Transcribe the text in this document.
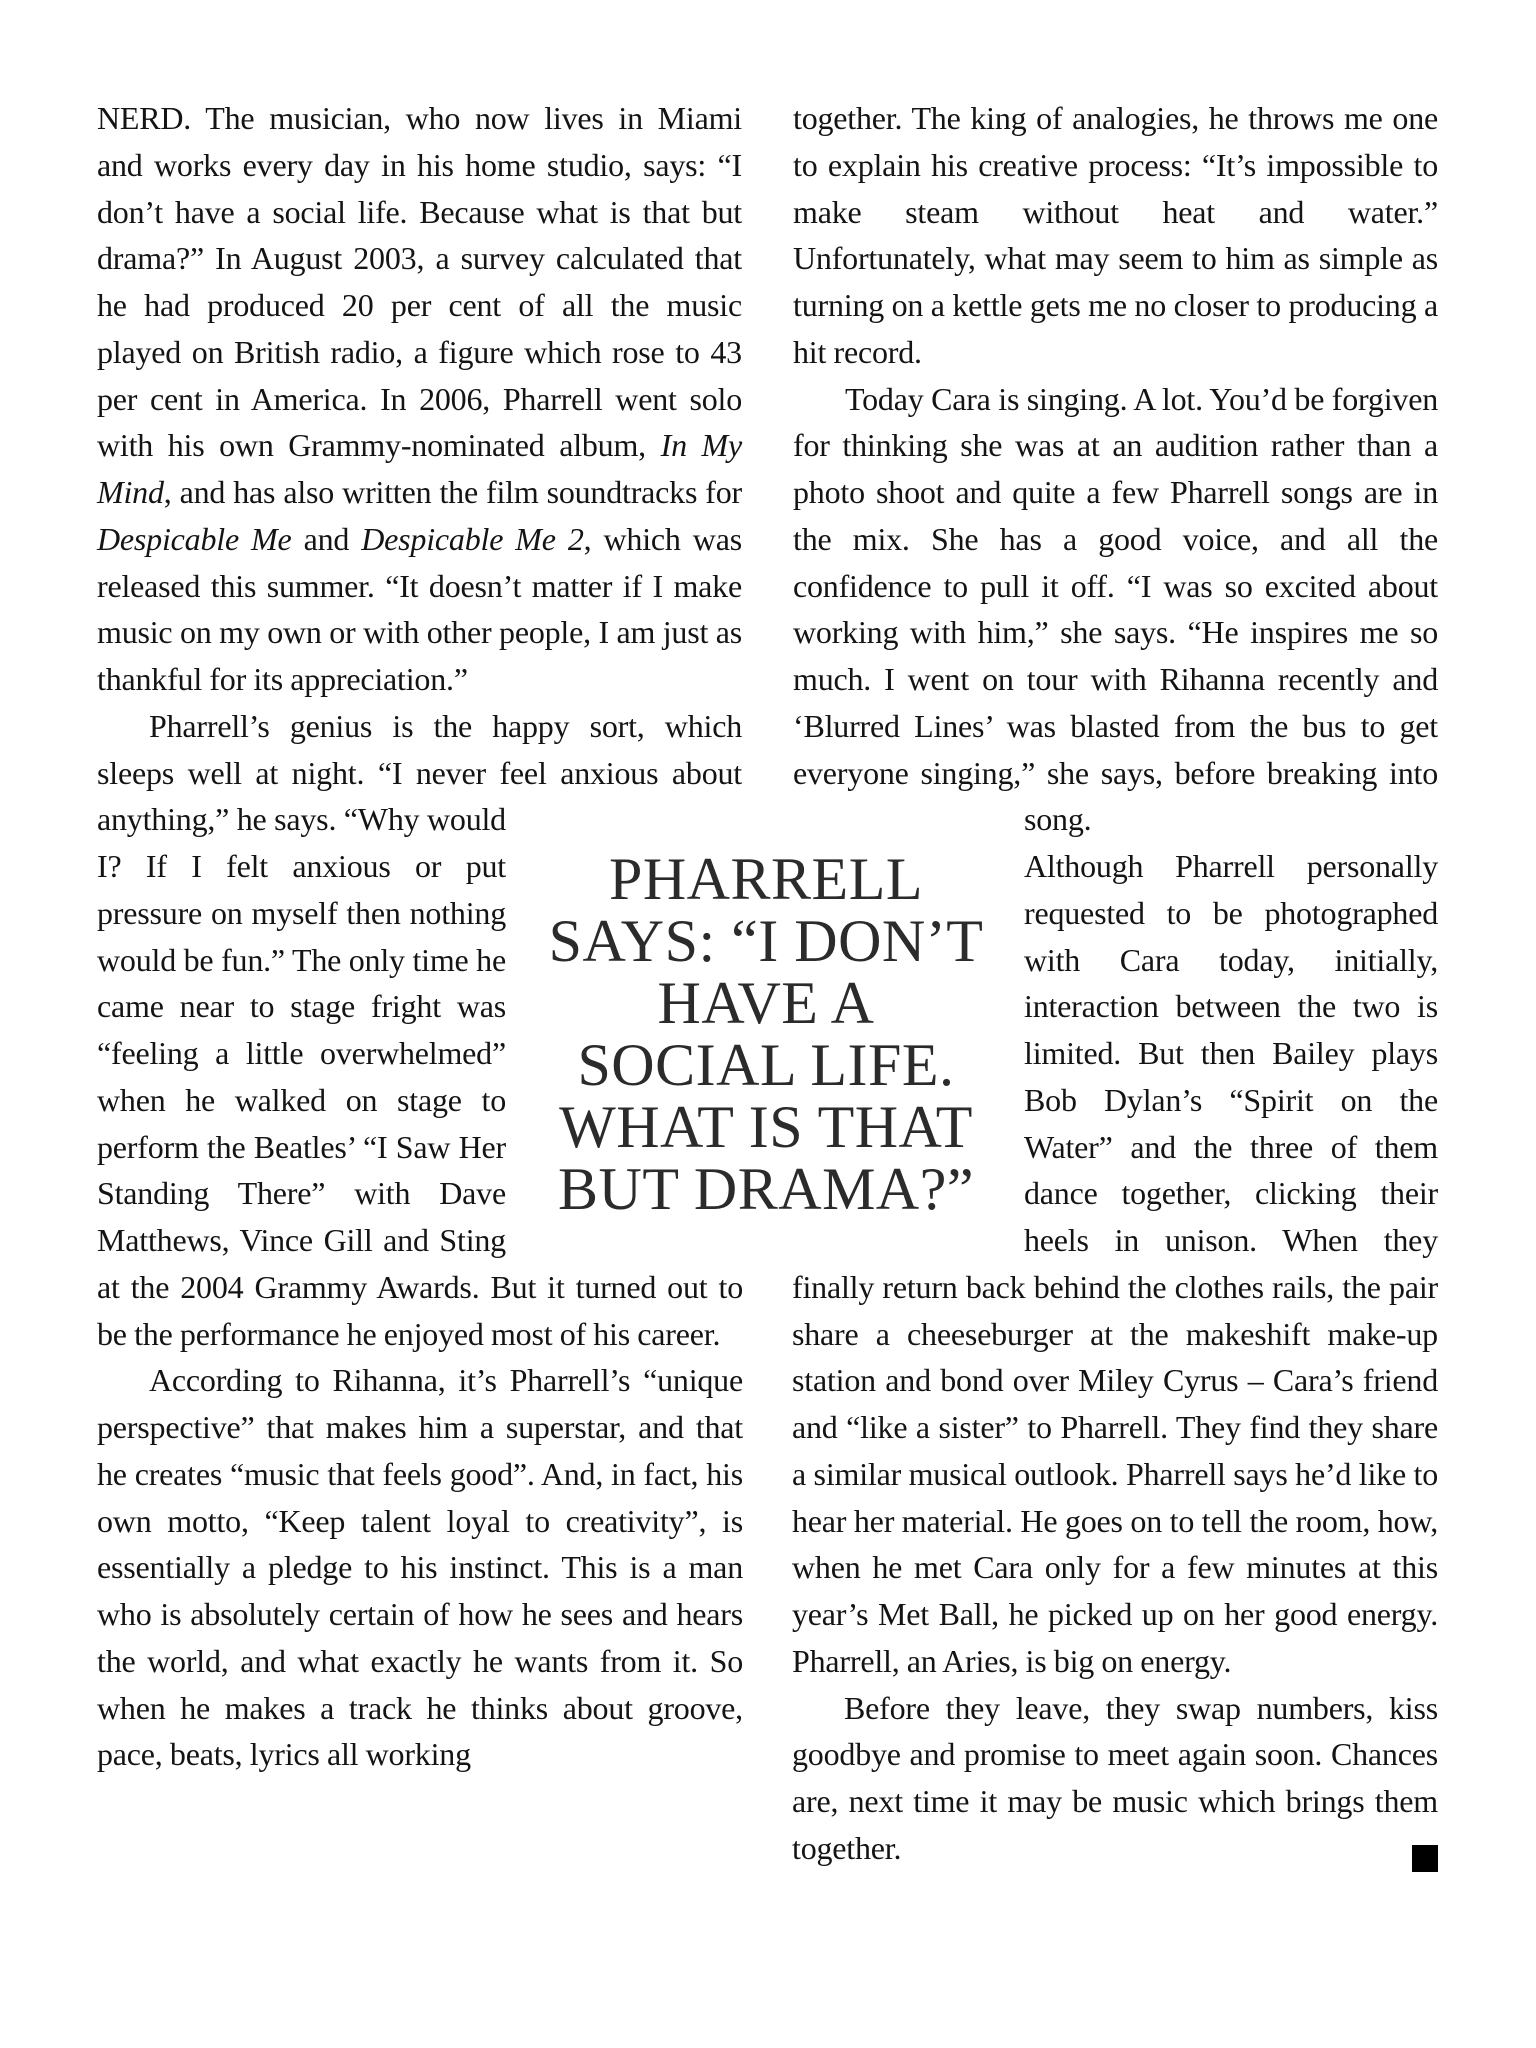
NERD. The musician, who now lives in Miami and works every day in his home studio, says: “I don’t have a social life. Because what is that but drama?” In August 2003, a survey calculated that he had produced 20 per cent of all the music played on British radio, a figure which rose to 43 per cent in America. In 2006, Pharrell went solo with his own Grammy-nominated album, In My Mind, and has also written the film soundtracks for Despicable Me and Despicable Me 2, which was released this summer. “It doesn’t matter if I make music on my own or with other people, I am just as thankful for its appreciation.”

Pharrell’s genius is the happy sort, which sleeps well at night. “I never feel anxious about anything,” he says. “Why would I? If I felt anxious or put pressure on myself then nothing would be fun.” The only time he came near to stage fright was “feeling a little overwhelmed” when he walked on stage to perform the Beatles’ “I Saw Her Standing There” with Dave Matthews, Vince Gill and Sting at the 2004 Grammy Awards. But it turned out to be the performance he enjoyed most of his career.

According to Rihanna, it’s Pharrell’s “unique perspective” that makes him a superstar, and that he creates “music that feels good”. And, in fact, his own motto, “Keep talent loyal to creativity”, is essentially a pledge to his instinct. This is a man who is absolutely certain of how he sees and hears the world, and what exactly he wants from it. So when he makes a track he thinks about groove, pace, beats, lyrics all working

together. The king of analogies, he throws me one to explain his creative process: “It’s impossible to make steam without heat and water.” Unfortunately, what may seem to him as simple as turning on a kettle gets me no closer to producing a hit record.

Today Cara is singing. A lot. You’d be forgiven for thinking she was at an audition rather than a photo shoot and quite a few Pharrell songs are in the mix. She has a good voice, and all the confidence to pull it off. “I was so excited about working with him,” she says. “He inspires me so much. I went on tour with Rihanna recently and ‘Blurred Lines’ was blasted from the bus to get everyone singing,” she says, before breaking into song.

Although Pharrell personally requested to be photographed with Cara today, initially, interaction between the two is limited. But then Bailey plays Bob Dylan’s “Spirit on the Water” and the three of them dance together, clicking their heels in unison. When they finally return back behind the clothes rails, the pair share a cheeseburger at the makeshift make-up station and bond over Miley Cyrus – Cara’s friend and “like a sister” to Pharrell. They find they share a similar musical outlook. Pharrell says he’d like to hear her material. He goes on to tell the room, how, when he met Cara only for a few minutes at this year’s Met Ball, he picked up on her good energy. Pharrell, an Aries, is big on energy.

Before they leave, they swap numbers, kiss goodbye and promise to meet again soon. Chances are, next time it may be music which brings them together.

PHARRELL
SAYS: “I DON’T
HAVE A
SOCIAL LIFE.
WHAT IS THAT
BUT DRAMA?”
